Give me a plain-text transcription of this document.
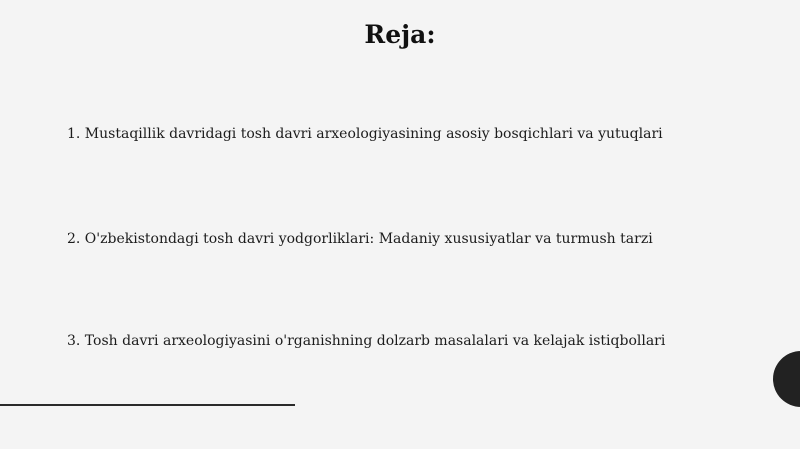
Reja:

1. Mustaqillik davridagi tosh davri arxeologiyasining asosiy bosqichlari va yutuqlari

2. O'zbekistondagi tosh davri yodgorliklari: Madaniy xususiyatlar va turmush tarzi

3. Tosh davri arxeologiyasini o'rganishning dolzarb masalalari va kelajak istiqbollari
